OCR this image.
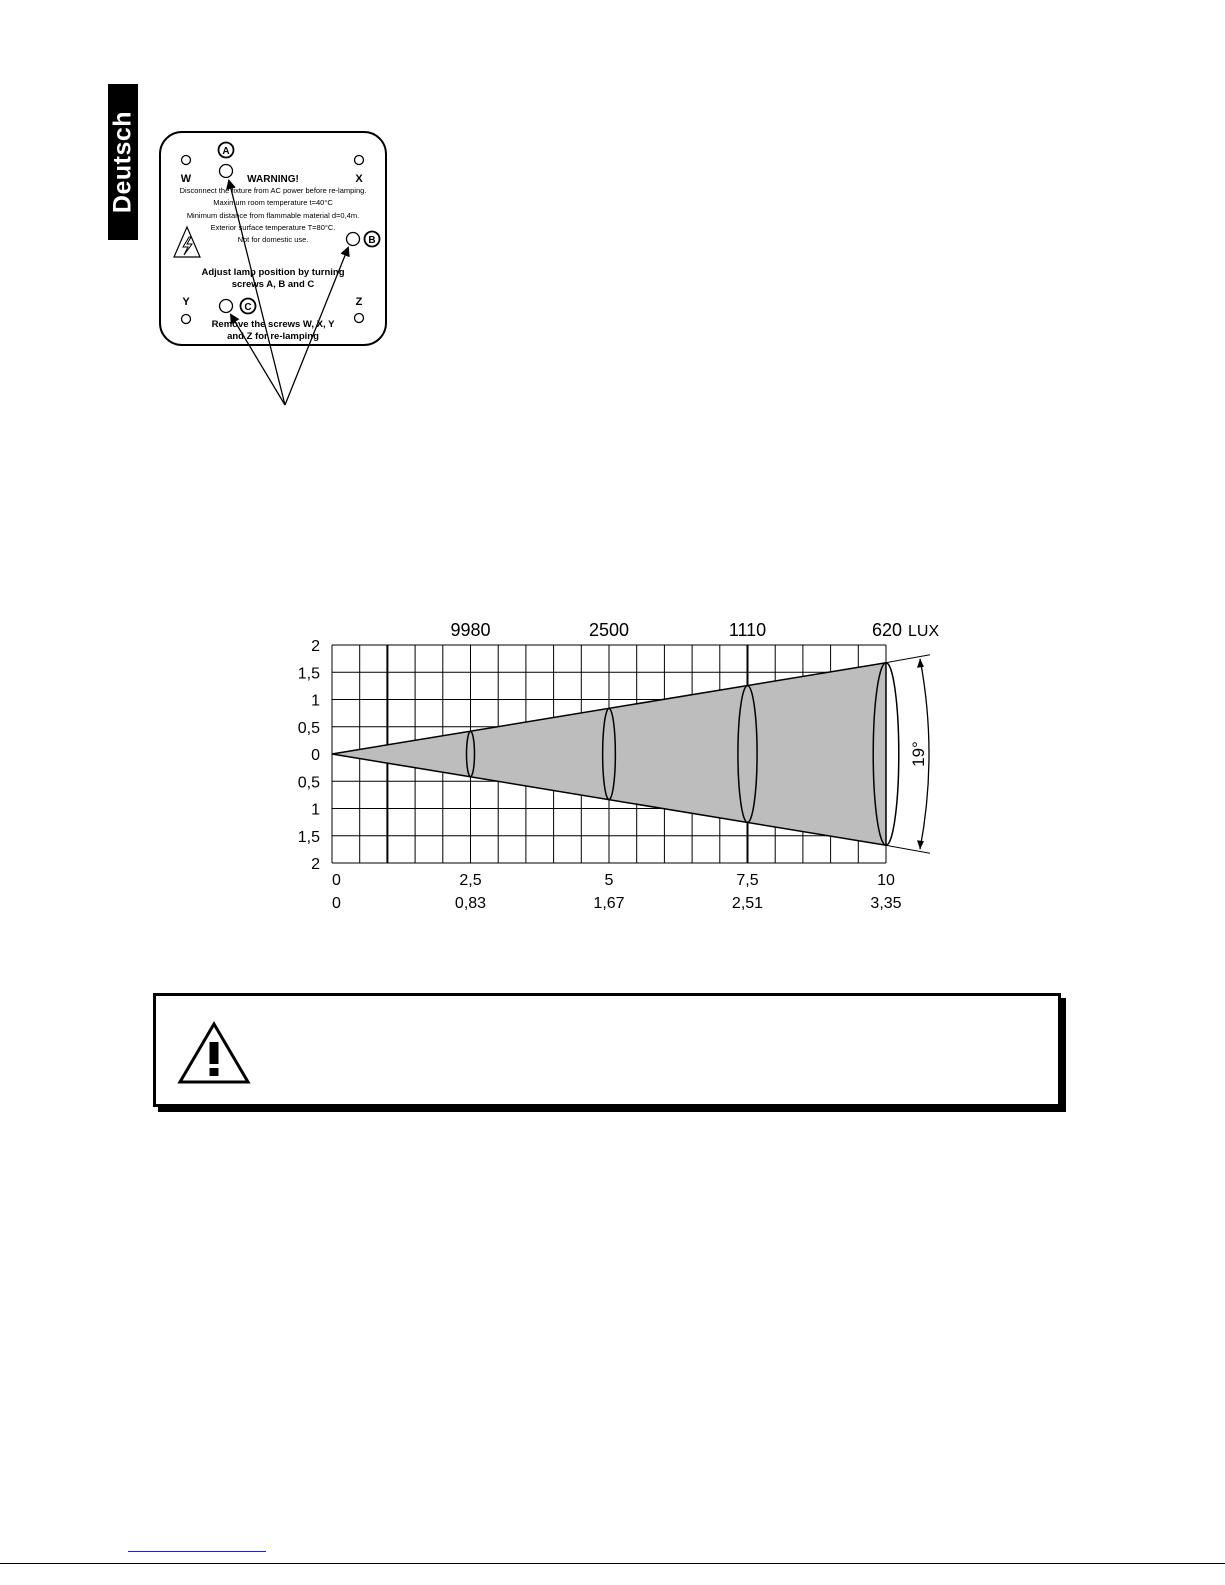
Deutsch	W	X
Y	Z
A
B
C
WARNING!
Disconnect the fixture from AC power before re-lamping.
Maximum room temperature t=40°C
Minimum distance from flammable material d=0,4m.
Exterior surface temperature T=80°C.
Not for domestic use.
Adjust lamp position by turning
screws A, B and C
Remove the screws W, X, Y
and Z for re-lamping
2
1,5
1
0,5
0
0,5
1
1,5
2
0	2,5	5	7,5	10
0	0,83	1,67	2,51	3,35
9980	2500	1110	620 LUX
19°
